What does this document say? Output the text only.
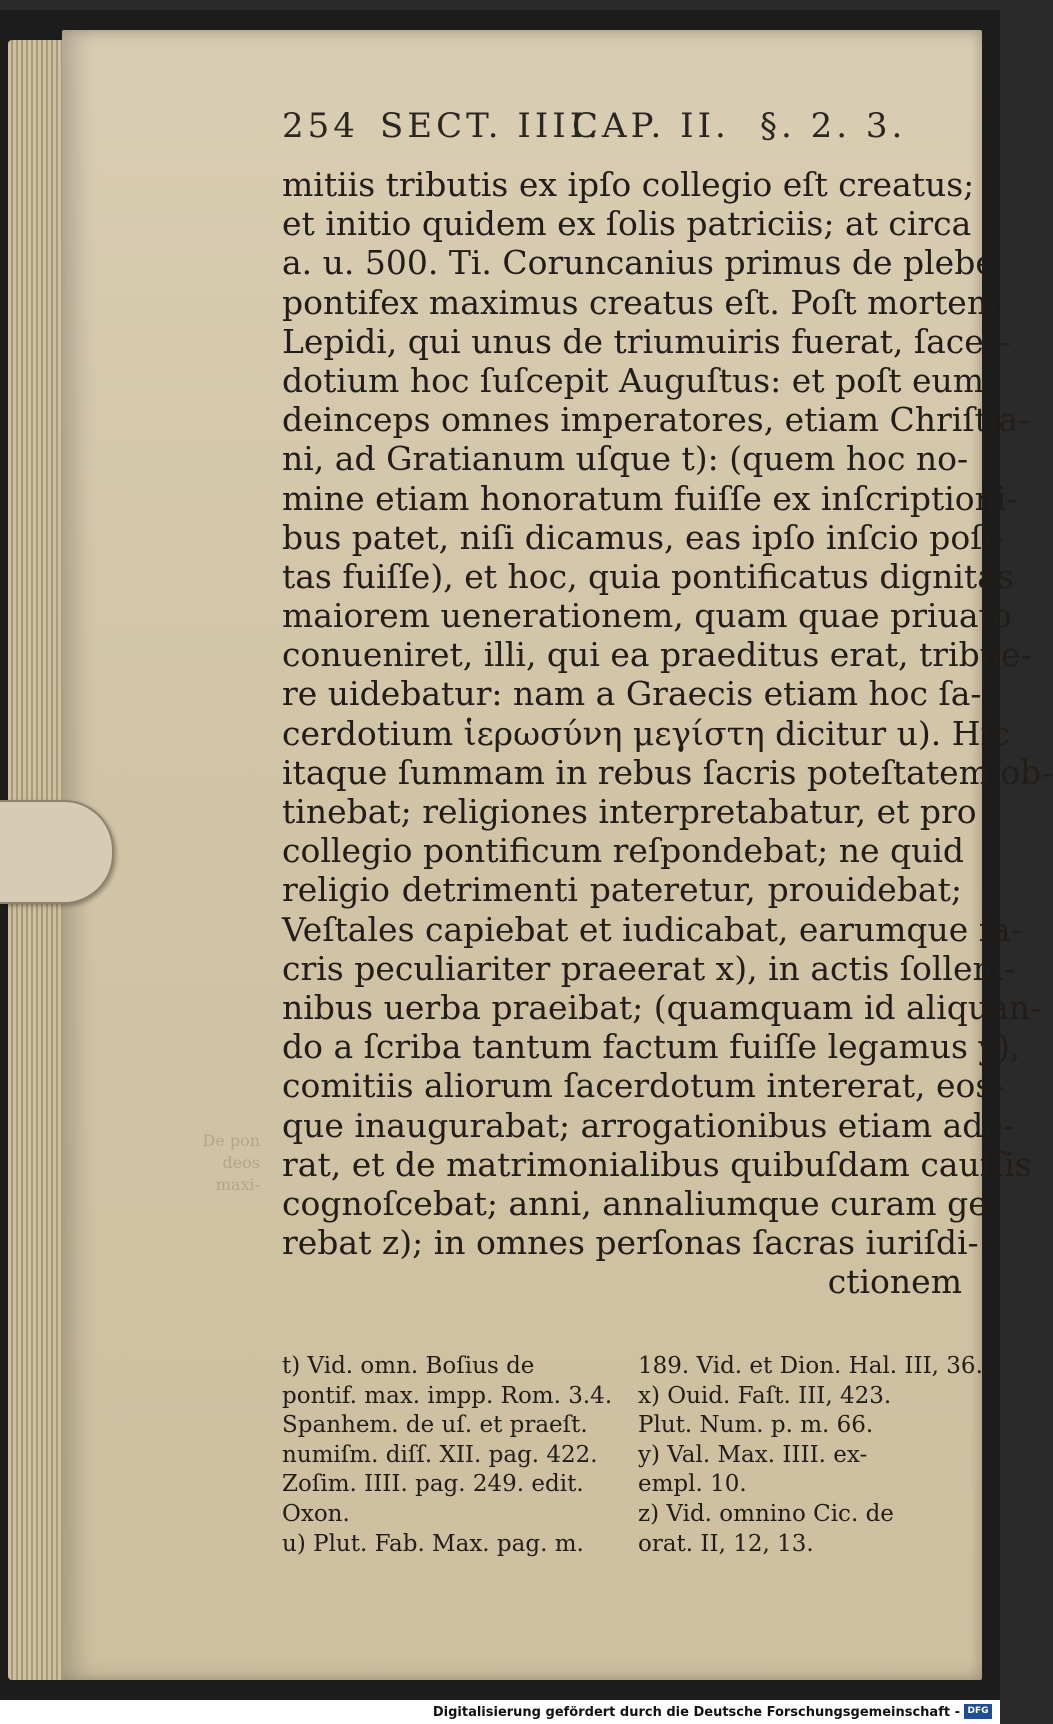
De pon
deos
maxi-
254 SECT. IIII.
CAP. II. §. 2. 3.
mitiis tributis ex ipſo collegio eſt creatus;
et initio quidem ex ſolis patriciis; at circa
a. u. 500. Ti. Coruncanius primus de plebe
pontifex maximus creatus eſt. Poſt mortem
Lepidi, qui unus de triumuiris fuerat, ſacer-
dotium hoc ſuſcepit Auguſtus: et poſt eum
deinceps omnes imperatores, etiam Chriſtia-
ni, ad Gratianum uſque t): (quem hoc no-
mine etiam honoratum fuiſſe ex inſcriptioni-
bus patet, niſi dicamus, eas ipſo inſcio poſi-
tas fuiſſe), et hoc, quia pontificatus dignitas
maiorem uenerationem, quam quae priuato
conueniret, illi, qui ea praeditus erat, tribue-
re uidebatur: nam a Graecis etiam hoc ſa-
cerdotium ἱερωσύνη μεγίστη dicitur u). Hic
itaque ſummam in rebus ſacris poteſtatem ob-
tinebat; religiones interpretabatur, et pro
collegio pontificum reſpondebat; ne quid
religio detrimenti pateretur, prouidebat;
Veſtales capiebat et iudicabat, earumque ſa-
cris peculiariter praeerat x), in actis ſollem-
nibus uerba praeibat; (quamquam id aliquan-
do a ſcriba tantum factum fuiſſe legamus y),
comitiis aliorum ſacerdotum intererat, eos-
que inaugurabat; arrogationibus etiam ade-
rat, et de matrimonialibus quibuſdam cauſſis
cognoſcebat; anni, annaliumque curam ge-
rebat z); in omnes perſonas ſacras iuriſdi-
ctionem
t) Vid. omn. Boſius de
pontif. max. impp. Rom. 3.4.
Spanhem. de uſ. et praeſt.
numiſm. diſſ. XII. pag. 422.
Zoſim. IIII. pag. 249. edit.
Oxon.
u) Plut. Fab. Max. pag. m.
189. Vid. et Dion. Hal. III, 36.
x) Ouid. Faſt. III, 423.
Plut. Num. p. m. 66.
y) Val. Max. IIII. ex-
empl. 10.
z) Vid. omnino Cic. de
orat. II, 12, 13.
Digitalisierung gefördert durch die Deutsche Forschungsgemeinschaft - DFG
